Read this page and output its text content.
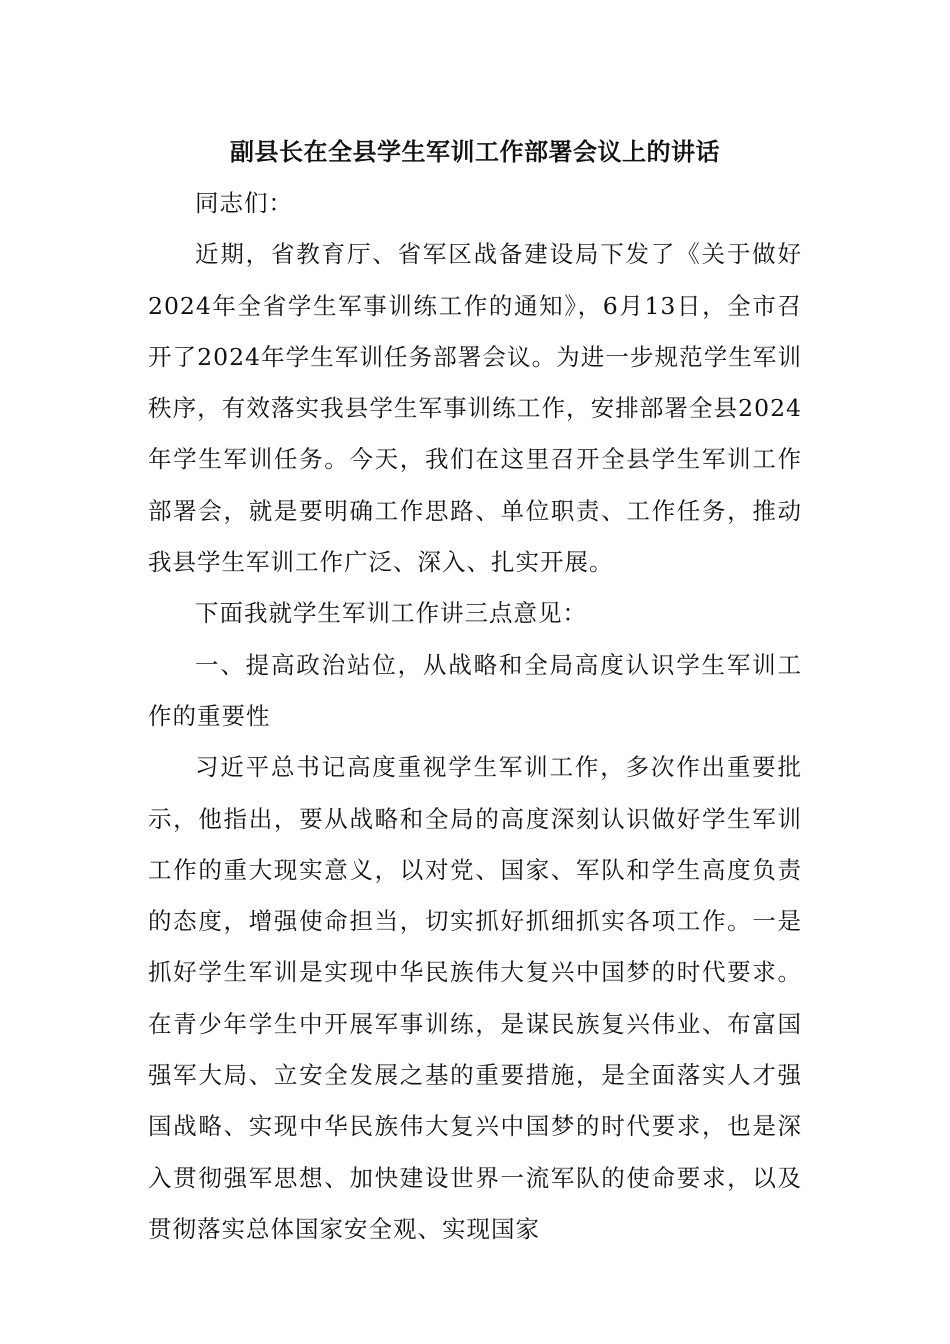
副县长在全县学生军训工作部署会议上的讲话

同志们：

近期，省教育厅、省军区战备建设局下发了《关于做好2024年全省学生军事训练工作的通知》，6月13日，全市召开了2024年学生军训任务部署会议。为进一步规范学生军训秩序，有效落实我县学生军事训练工作，安排部署全县2024年学生军训任务。今天，我们在这里召开全县学生军训工作部署会，就是要明确工作思路、单位职责、工作任务，推动我县学生军训工作广泛、深入、扎实开展。

下面我就学生军训工作讲三点意见：

一、提高政治站位，从战略和全局高度认识学生军训工作的重要性

习近平总书记高度重视学生军训工作，多次作出重要批示，他指出，要从战略和全局的高度深刻认识做好学生军训工作的重大现实意义，以对党、国家、军队和学生高度负责的态度，增强使命担当，切实抓好抓细抓实各项工作。一是抓好学生军训是实现中华民族伟大复兴中国梦的时代要求。在青少年学生中开展军事训练，是谋民族复兴伟业、布富国强军大局、立安全发展之基的重要措施，是全面落实人才强国战略、实现中华民族伟大复兴中国梦的时代要求，也是深入贯彻强军思想、加快建设世界一流军队的使命要求，以及贯彻落实总体国家安全观、实现国家
